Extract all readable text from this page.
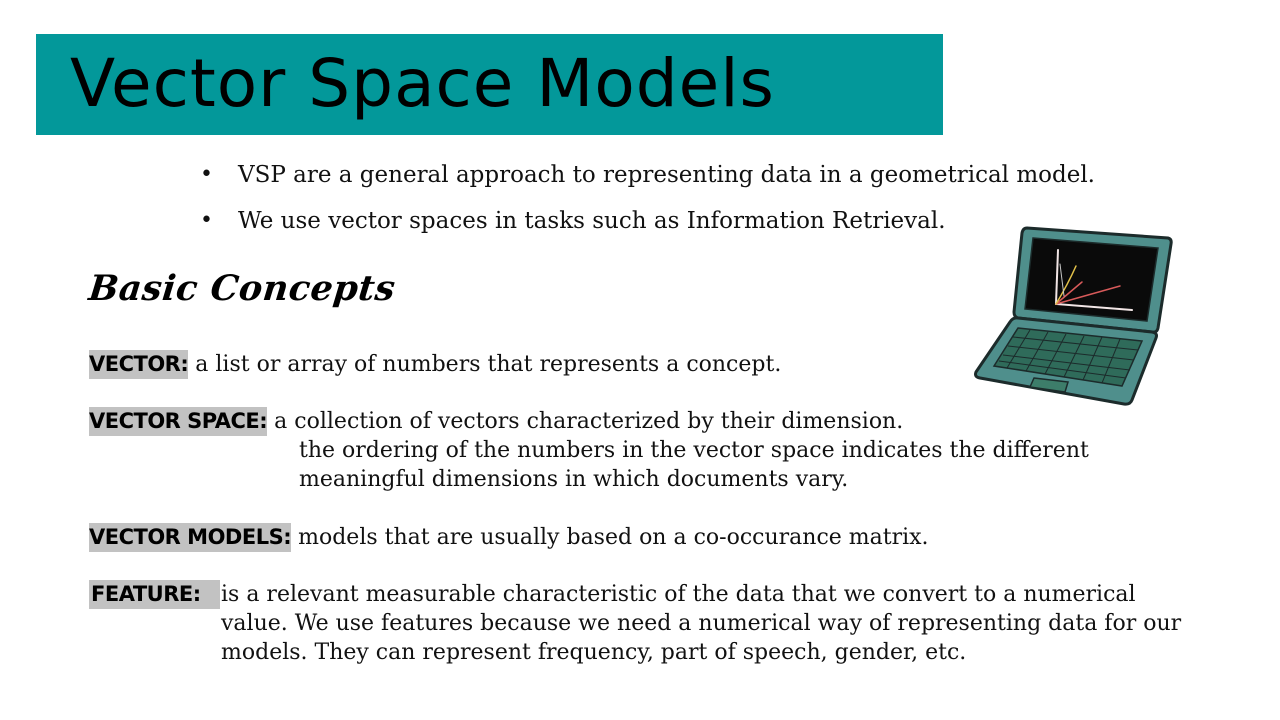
Vector Space Models
• VSP are a general approach to representing data in a geometrical model.
• We use vector spaces in tasks such as Information Retrieval.
Basic Concepts
VECTOR: a list or array of numbers that represents a concept.
VECTOR SPACE: a collection of vectors characterized by their dimension.
the ordering of the numbers in the vector space indicates the different
meaningful dimensions in which documents vary.
VECTOR MODELS: models that are usually based on a co-occurance matrix.
FEATURE: is a relevant measurable characteristic of the data that we convert to a numerical
value. We use features because we need a numerical way of representing data for our
models. They can represent frequency, part of speech, gender, etc.
